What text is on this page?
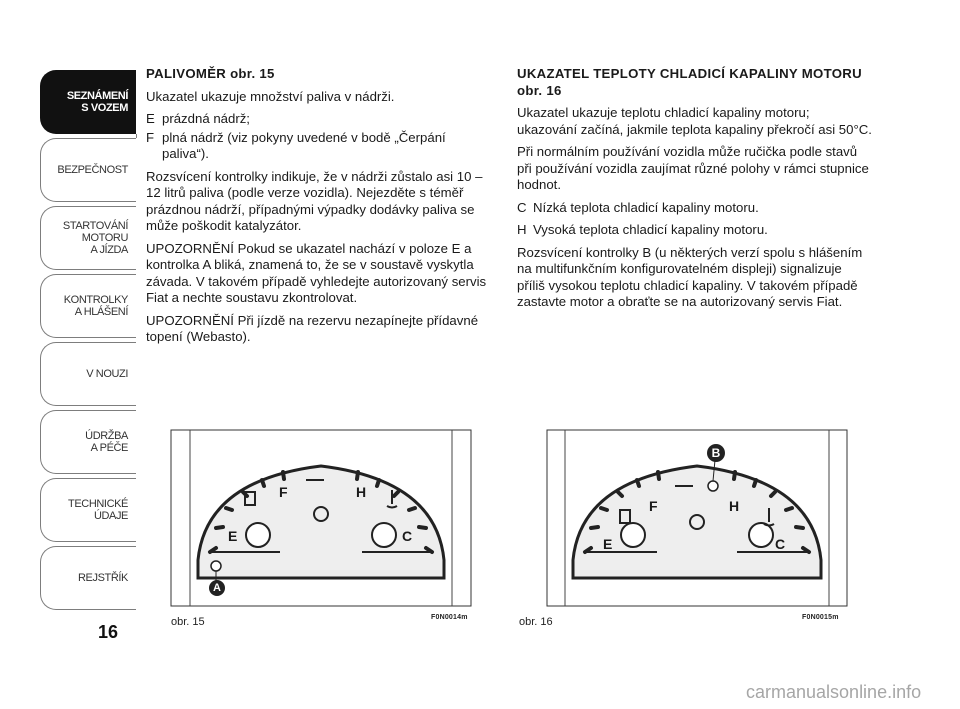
SEZNÁMENÍ
S VOZEM
BEZPEČNOST
STARTOVÁNÍ
MOTORU
A JÍZDA
KONTROLKY
A HLÁŠENÍ
V NOUZI
ÚDRŽBA
A PÉČE
TECHNICKÉ
ÚDAJE
REJSTŘÍK
16

PALIVOMĚR obr. 15

Ukazatel ukazuje množství paliva v nádrži.

E prázdná nádrž;
F plná nádrž (viz pokyny uvedené v bodě „Čerpání paliva“).

Rozsvícení kontrolky indikuje, že v nádrži zůstalo asi 10 – 12 litrů paliva (podle verze vozidla). Nejezděte s téměř prázdnou nádrží, případnými výpadky dodávky paliva se může poškodit katalyzátor.

UPOZORNĚNÍ Pokud se ukazatel nachází v poloze E a kontrolka A bliká, znamená to, že se v soustavě vyskytla závada. V takovém případě vyhledejte autorizovaný servis Fiat a nechte soustavu zkontrolovat.

UPOZORNĚNÍ Při jízdě na rezervu nezapínejte přídavné topení (Webasto).

UKAZATEL TEPLOTY CHLADICÍ KAPALINY MOTORU obr. 16

Ukazatel ukazuje teplotu chladicí kapaliny motoru; ukazování začíná, jakmile teplota kapaliny překročí asi 50°C.

Při normálním používání vozidla může ručička podle stavů při používání vozidla zaujímat různé polohy v rámci stupnice hodnot.

C Nízká teplota chladicí kapaliny motoru.
H Vysoká teplota chladicí kapaliny motoru.

Rozsvícení kontrolky B (u některých verzí spolu s hlášením na multifunkčním konfigurovatelném displeji) signalizuje příliš vysokou teplotu chladicí kapaliny. V takovém případě zastavte motor a obraťte se na autorizovaný servis Fiat.

F	H
E	C
A
obr. 15	F0N0014m
F	H
E	C
B
obr. 16	F0N0015m
carmanualsonline.info
